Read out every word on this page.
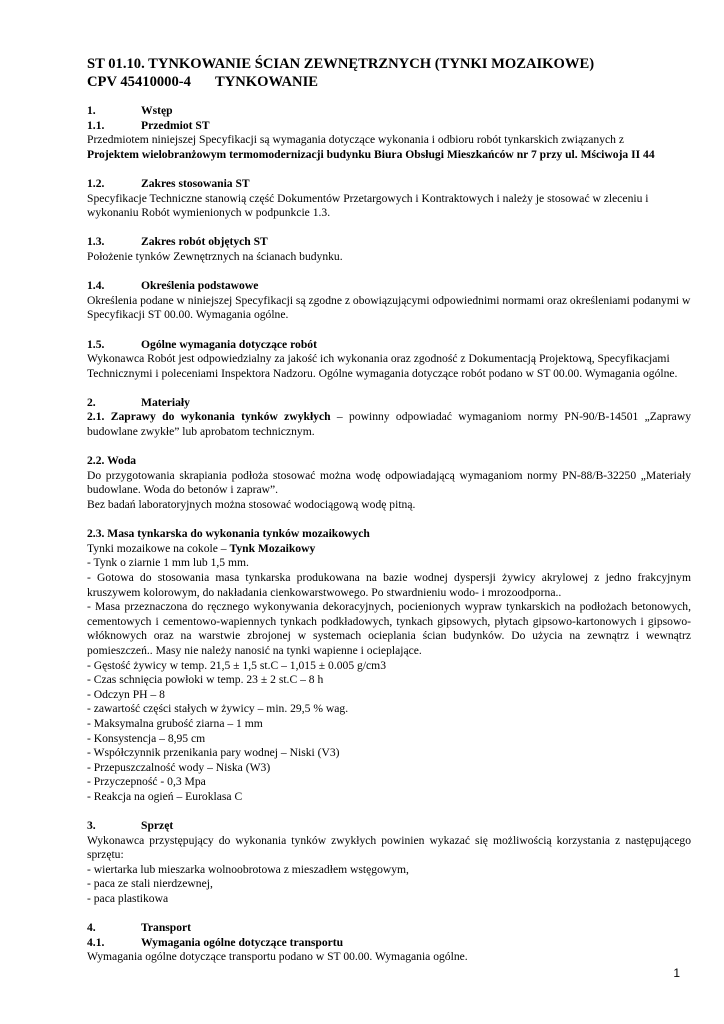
ST 01.10. TYNKOWANIE ŚCIAN ZEWNĘTRZNYCH (TYNKI MOZAIKOWE)
CPV 45410000-4 TYNKOWANIE

1.	Wstęp

1.1.	Przedmiot ST

Przedmiotem niniejszej Specyfikacji są wymagania dotyczące wykonania i odbioru robót tynkarskich związanych z

Projektem wielobranżowym termomodernizacji budynku Biura Obsługi Mieszkańców nr 7 przy ul. Mściwoja II 44

1.2.	Zakres stosowania ST

Specyfikacje Techniczne stanowią część Dokumentów Przetargowych i Kontraktowych i należy je stosować w zleceniu i wykonaniu Robót wymienionych w podpunkcie 1.3.

1.3.	Zakres robót objętych ST

Położenie tynków Zewnętrznych na ścianach budynku.

1.4.	Określenia podstawowe

Określenia podane w niniejszej Specyfikacji są zgodne z obowiązującymi odpowiednimi normami oraz określeniami podanymi w Specyfikacji ST 00.00. Wymagania ogólne.

1.5.	Ogólne wymagania dotyczące robót

Wykonawca Robót jest odpowiedzialny za jakość ich wykonania oraz zgodność z Dokumentacją Projektową, Specyfikacjami Technicznymi i poleceniami Inspektora Nadzoru. Ogólne wymagania dotyczące robót podano w ST 00.00. Wymagania ogólne.

2.	Materiały

2.1. Zaprawy do wykonania tynków zwykłych – powinny odpowiadać wymaganiom normy PN-90/B-14501 „Zaprawy budowlane zwykłe” lub aprobatom technicznym.

2.2. Woda

Do przygotowania skrapiania podłoża stosować można wodę odpowiadającą wymaganiom normy PN-88/B-32250 „Materiały budowlane. Woda do betonów i zapraw”.

Bez badań laboratoryjnych można stosować wodociągową wodę pitną.

2.3. Masa tynkarska do wykonania tynków mozaikowych

Tynki mozaikowe na cokole – Tynk Mozaikowy

- Tynk o ziarnie 1 mm lub 1,5 mm.

- Gotowa do stosowania masa tynkarska produkowana na bazie wodnej dyspersji żywicy akrylowej z jedno frakcyjnym kruszywem kolorowym, do nakładania cienkowarstwowego. Po stwardnieniu wodo- i mrozoodporna..

- Masa przeznaczona do ręcznego wykonywania dekoracyjnych, pocienionych wypraw tynkarskich na podłożach betonowych, cementowych i cementowo-wapiennych tynkach podkładowych, tynkach gipsowych, płytach gipsowo-kartonowych i gipsowo-włóknowych oraz na warstwie zbrojonej w systemach ocieplania ścian budynków. Do użycia na zewnątrz i wewnątrz pomieszczeń.. Masy nie należy nanosić na tynki wapienne i ocieplające.

- Gęstość żywicy w temp. 21,5 ± 1,5 st.C – 1,015 ± 0.005 g/cm3

- Czas schnięcia powłoki w temp. 23 ± 2 st.C – 8 h

- Odczyn PH – 8

- zawartość części stałych w żywicy – min. 29,5 % wag.

- Maksymalna grubość ziarna – 1 mm

- Konsystencja – 8,95 cm

- Współczynnik przenikania pary wodnej – Niski (V3)

- Przepuszczalność wody – Niska (W3)

- Przyczepność - 0,3 Mpa

- Reakcja na ogień – Euroklasa C

3.	Sprzęt

Wykonawca przystępujący do wykonania tynków zwykłych powinien wykazać się możliwością korzystania z następującego sprzętu:

- wiertarka lub mieszarka wolnoobrotowa z mieszadłem wstęgowym,

- paca ze stali nierdzewnej,

- paca plastikowa

4.	Transport

4.1.	Wymagania ogólne dotyczące transportu

Wymagania ogólne dotyczące transportu podano w ST 00.00. Wymagania ogólne.

1
